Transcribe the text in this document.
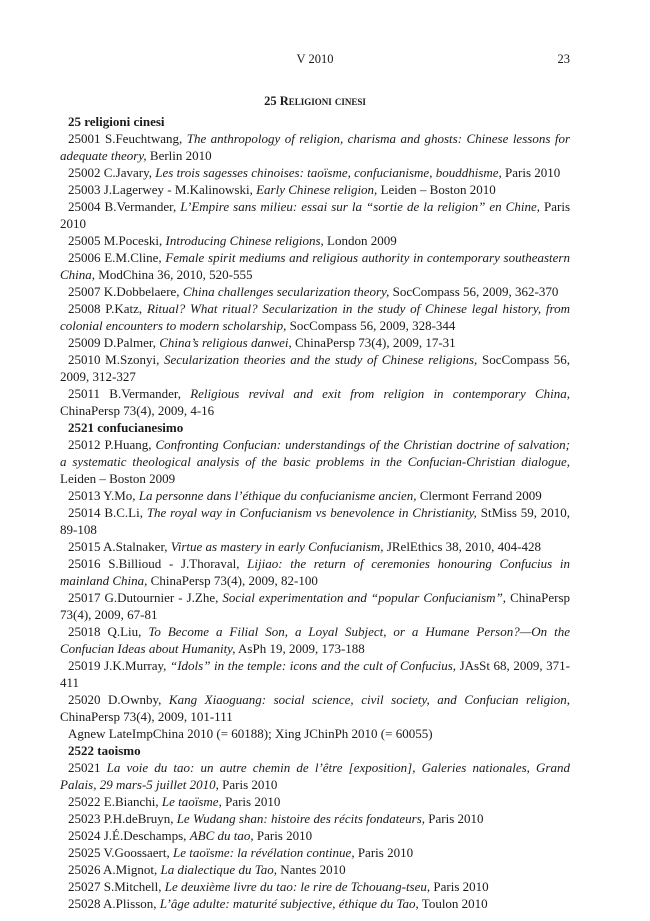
V 2010	23
25 Religioni cinesi
25 religioni cinesi
25001 S.Feuchtwang, The anthropology of religion, charisma and ghosts: Chinese lessons for adequate theory, Berlin 2010
25002 C.Javary, Les trois sagesses chinoises: taoïsme, confucianisme, bouddhisme, Paris 2010
25003 J.Lagerwey - M.Kalinowski, Early Chinese religion, Leiden – Boston 2010
25004 B.Vermander, L’Empire sans milieu: essai sur la “sortie de la religion” en Chine, Paris 2010
25005 M.Poceski, Introducing Chinese religions, London 2009
25006 E.M.Cline, Female spirit mediums and religious authority in contemporary southeastern China, ModChina 36, 2010, 520-555
25007 K.Dobbelaere, China challenges secularization theory, SocCompass 56, 2009, 362-370
25008 P.Katz, Ritual? What ritual? Secularization in the study of Chinese legal history, from colonial encounters to modern scholarship, SocCompass 56, 2009, 328-344
25009 D.Palmer, China’s religious danwei, ChinaPersp 73(4), 2009, 17-31
25010 M.Szonyi, Secularization theories and the study of Chinese religions, SocCompass 56, 2009, 312-327
25011 B.Vermander, Religious revival and exit from religion in contemporary China, ChinaPersp 73(4), 2009, 4-16
2521 confucianesimo
25012 P.Huang, Confronting Confucian: understandings of the Christian doctrine of salvation; a systematic theological analysis of the basic problems in the Confucian-Christian dialogue, Leiden – Boston 2009
25013 Y.Mo, La personne dans l’éthique du confucianisme ancien, Clermont Ferrand 2009
25014 B.C.Li, The royal way in Confucianism vs benevolence in Christianity, StMiss 59, 2010, 89-108
25015 A.Stalnaker, Virtue as mastery in early Confucianism, JRelEthics 38, 2010, 404-428
25016 S.Billioud - J.Thoraval, Lijiao: the return of ceremonies honouring Confucius in mainland China, ChinaPersp 73(4), 2009, 82-100
25017 G.Dutournier - J.Zhe, Social experimentation and “popular Confucianism”, ChinaPersp 73(4), 2009, 67-81
25018 Q.Liu, To Become a Filial Son, a Loyal Subject, or a Humane Person?—On the Confucian Ideas about Humanity, AsPh 19, 2009, 173-188
25019 J.K.Murray, “Idols” in the temple: icons and the cult of Confucius, JAsSt 68, 2009, 371-411
25020 D.Ownby, Kang Xiaoguang: social science, civil society, and Confucian religion, ChinaPersp 73(4), 2009, 101-111
Agnew LateImpChina 2010 (= 60188); Xing JChinPh 2010 (= 60055)
2522 taoismo
25021 La voie du tao: un autre chemin de l’être [exposition], Galeries nationales, Grand Palais, 29 mars-5 juillet 2010, Paris 2010
25022 E.Bianchi, Le taoïsme, Paris 2010
25023 P.H.deBruyn, Le Wudang shan: histoire des récits fondateurs, Paris 2010
25024 J.É.Deschamps, ABC du tao, Paris 2010
25025 V.Goossaert, Le taoïsme: la révélation continue, Paris 2010
25026 A.Mignot, La dialectique du Tao, Nantes 2010
25027 S.Mitchell, Le deuxième livre du tao: le rire de Tchouang-tseu, Paris 2010
25028 A.Plisson, L’âge adulte: maturité subjective, éthique du Tao, Toulon 2010
